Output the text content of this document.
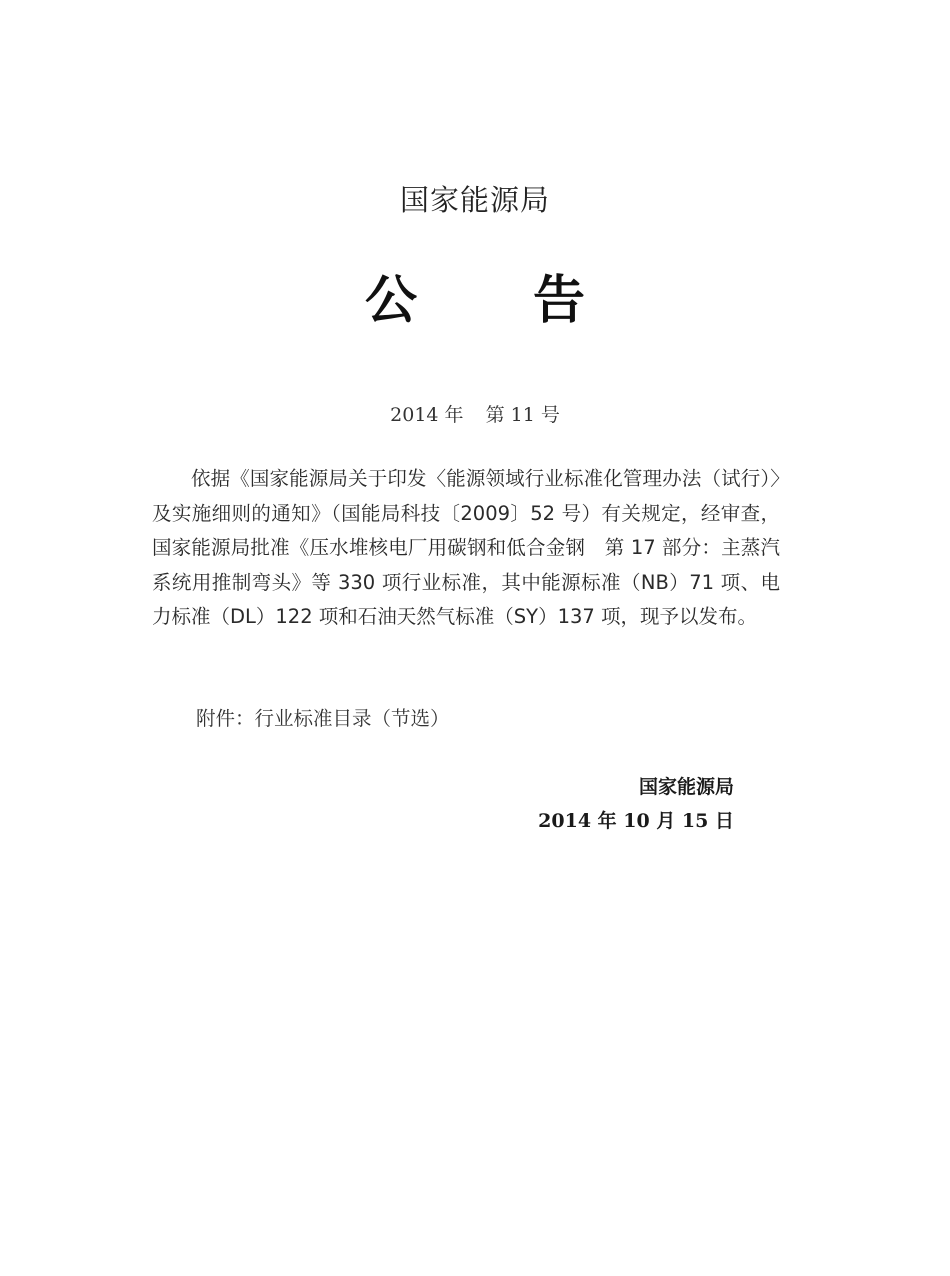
国家能源局
公 告
2014 年 第 11 号

依据《国家能源局关于印发〈能源领域行业标准化管理办法（试行）〉及实施细则的通知》（国能局科技〔2009〕52 号）有关规定，经审查，国家能源局批准《压水堆核电厂用碳钢和低合金钢　第 17 部分：主蒸汽系统用推制弯头》等 330 项行业标准，其中能源标准（NB）71 项、电力标准（DL）122 项和石油天然气标准（SY）137 项，现予以发布。

附件：行业标准目录（节选）

国家能源局
2014 年 10 月 15 日
